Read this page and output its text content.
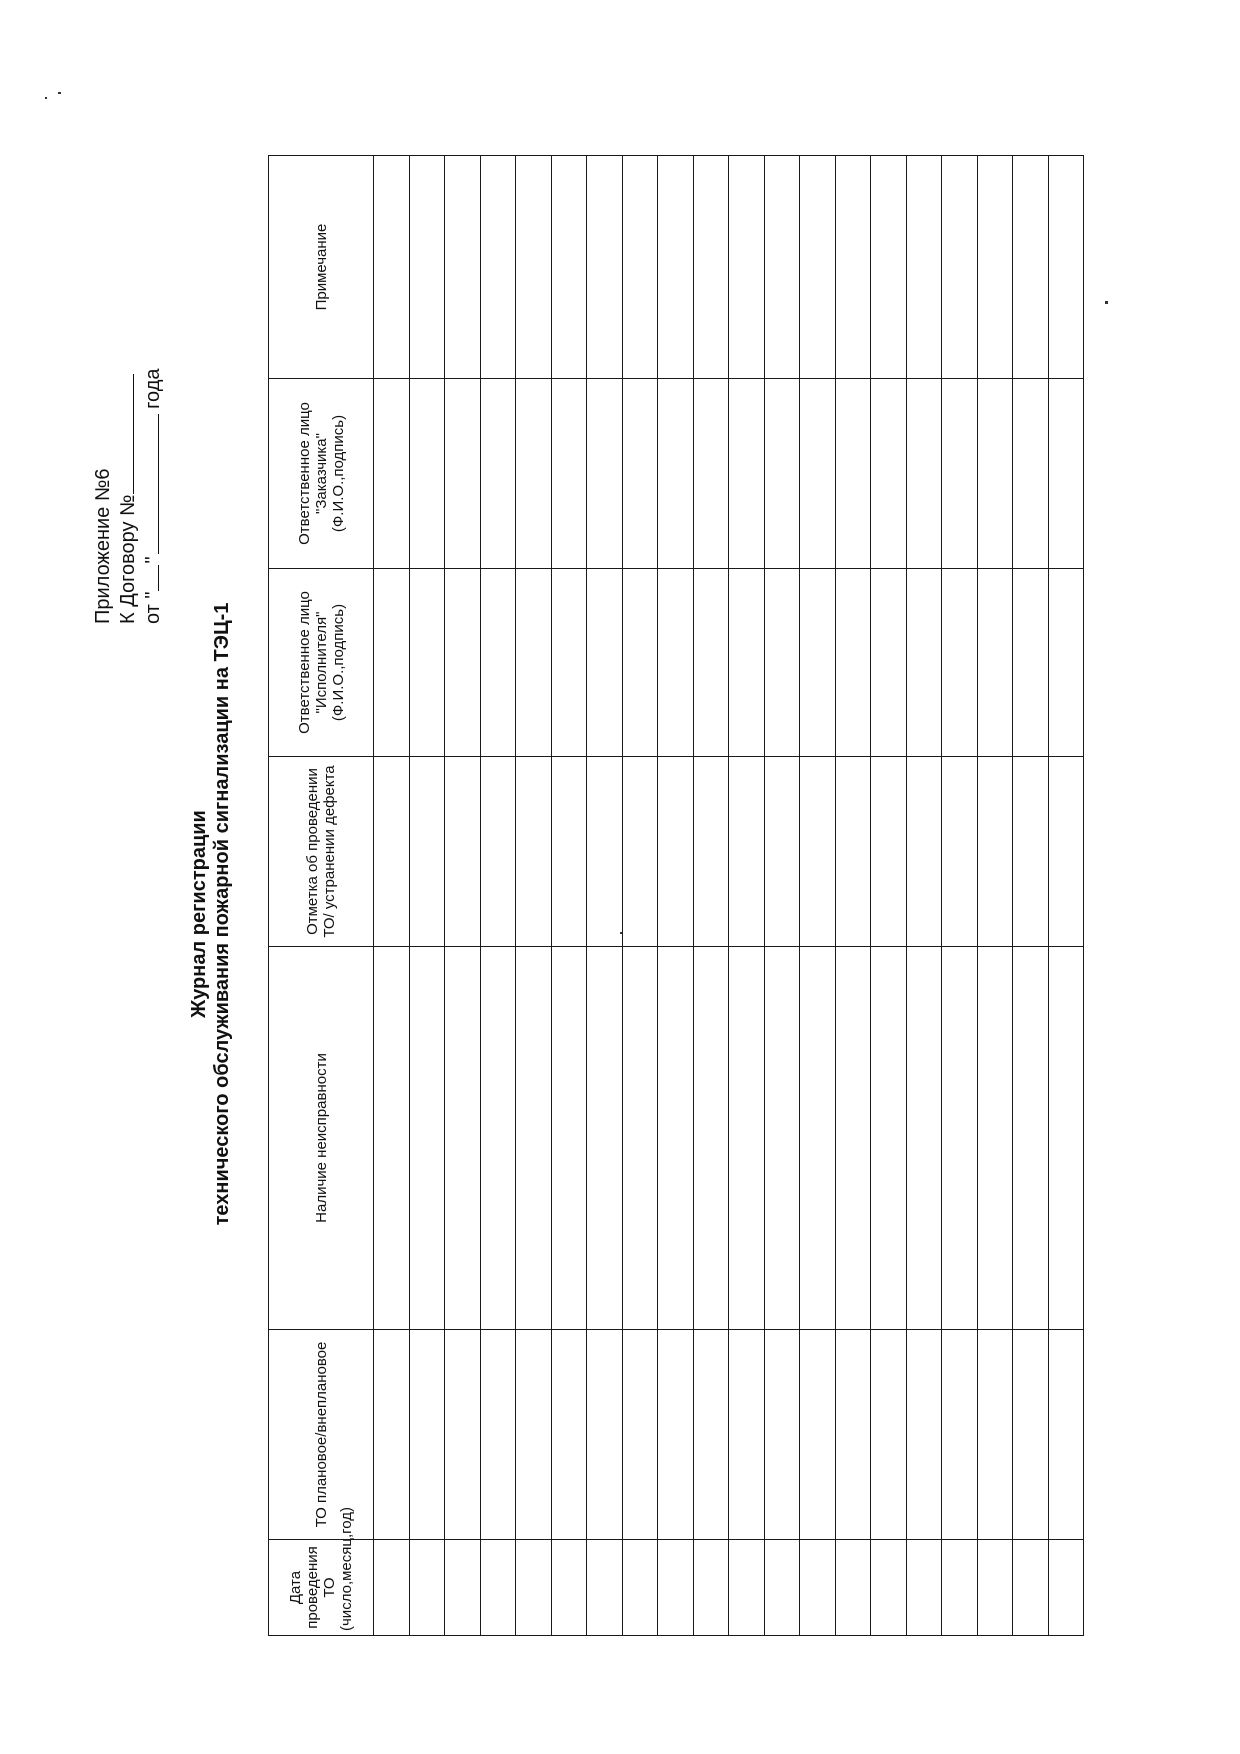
Приложение №6 К Договору № от "" года
Журнал регистрации технического обслуживания пожарной сигнализации на ТЭЦ-1
Дата проведения ТО (число,месяц,год)	ТО плановое/внеплановое	Наличие неисправности	Отметка об проведении ТО/ устранении дефекта	Ответственное лицо "Исполнителя" (Ф.И.О.,подпись)	Ответственное лицо "Заказчика" (Ф.И.О.,подпись)	Примечание
